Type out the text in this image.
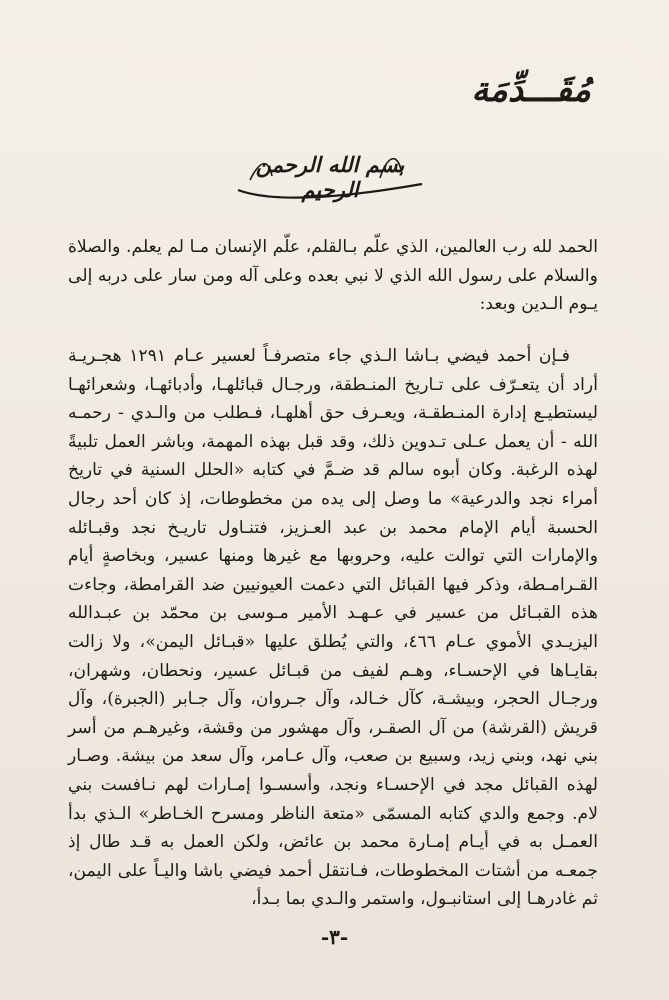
مُقَـــدِّمَة
بسم الله الرحمن الرحيم

الحمد لله رب العالمين، الذي علّم بـالقلم، علّم الإنسان مـا لم يعلم. والصلاة والسلام على رسول الله الذي لا نبي بعده وعلى آله ومن سار على دربه إلى يـوم الـدين وبعد:

فـإن أحمد فيضي بـاشا الـذي جاء متصرفـاً لعسير عـام ١٢٩١ هجـريـة أراد أن يتعـرّف على تـاريخ المنـطقة، ورجـال قبائلهـا، وأدبائهـا، وشعرائهـا ليستطيـع إدارة المنـطقـة، ويعـرف حق أهلهـا، فـطلب من والـدي - رحمـه الله - أن يعمل عـلى تـدوين ذلك، وقد قبل بهذه المهمة، وباشر العمل تلبيةً لهذه الرغبة. وكان أبوه سالم قد ضـمَّ في كتابه «الحلل السنية في تاريخ أمراء نجد والدرعية» ما وصل إلى يده من مخطوطات، إذ كان أحد رجال الحسبة أيام الإمام محمد بن عبد العـزيز، فتنـاول تاريـخ نجد وقبـائله والإمارات التي توالت عليه، وحروبها مع غيرها ومنها عسير، وبخاصةٍ أيام القـرامـطة، وذكر فيها القبائل التي دعمت العيونيين ضد القرامطة، وجاءت هذه القبـائل من عسير في عـهـد الأمير مـوسى بن محمّد بن عبـدالله اليزيـدي الأموي عـام ٤٦٦، والتي يُطلق عليها «قبـائل اليمن»، ولا زالت بقايـاها في الإحسـاء، وهـم لفيف من قبـائل عسير، ونحطان، وشهران، ورجـال الحجر، وبيشـة، كآل خـالد، وآل جـروان، وآل جـابر (الجبرة)، وآل قريش (القرشة) من آل الصقـر، وآل مهشور من وقشة، وغيرهـم من أسر بني نهد، وبني زيد، وسبيع بن صعب، وآل عـامر، وآل سعد من بيشة. وصـار لهذه القبائل مجد في الإحسـاء ونجد، وأسسـوا إمـارات لهم نـافست بني لام. وجمع والدي كتابه المسمّى «متعة الناظر ومسرح الخـاطر» الـذي بدأ العمـل به في أيـام إمـارة محمد بن عائض، ولكن العمل به قـد طال إذ جمعـه من أشتات المخطوطات، فـانتقل أحمد فيضي باشا واليـاً على اليمن، ثم غادرهـا إلى استانبـول، واستمر والـدي بما بـدأ،

-٣-
